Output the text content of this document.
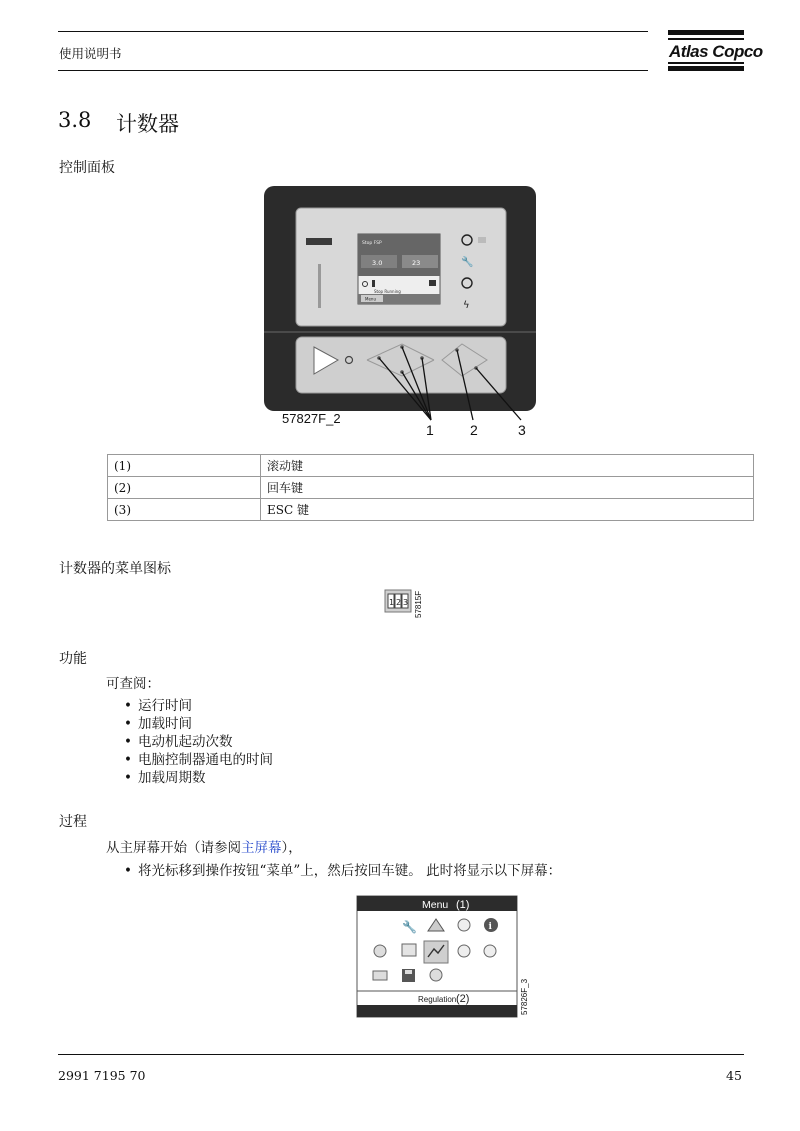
使用说明书	Atlas Copco
3.8 计数器
控制面板
Stop FSP
3.0	23
Stop Running
Menu
🔧
ϟ
57827F_2
1	2	3
(1)	滚动键
(2)	回车键
(3)	ESC 键
计数器的菜单图标
1 2 3 57815F
功能
可查阅：
• 运行时间
• 加载时间
• 电动机起动次数
• 电脑控制器通电的时间
• 加载周期数
过程
从主屏幕开始（请参阅主屏幕），
• 将光标移到操作按钮“菜单”上，然后按回车键。 此时将显示以下屏幕：
Menu (1)
🔧	i
Regulation (2)	57826F_3
2991 7195 70	45
